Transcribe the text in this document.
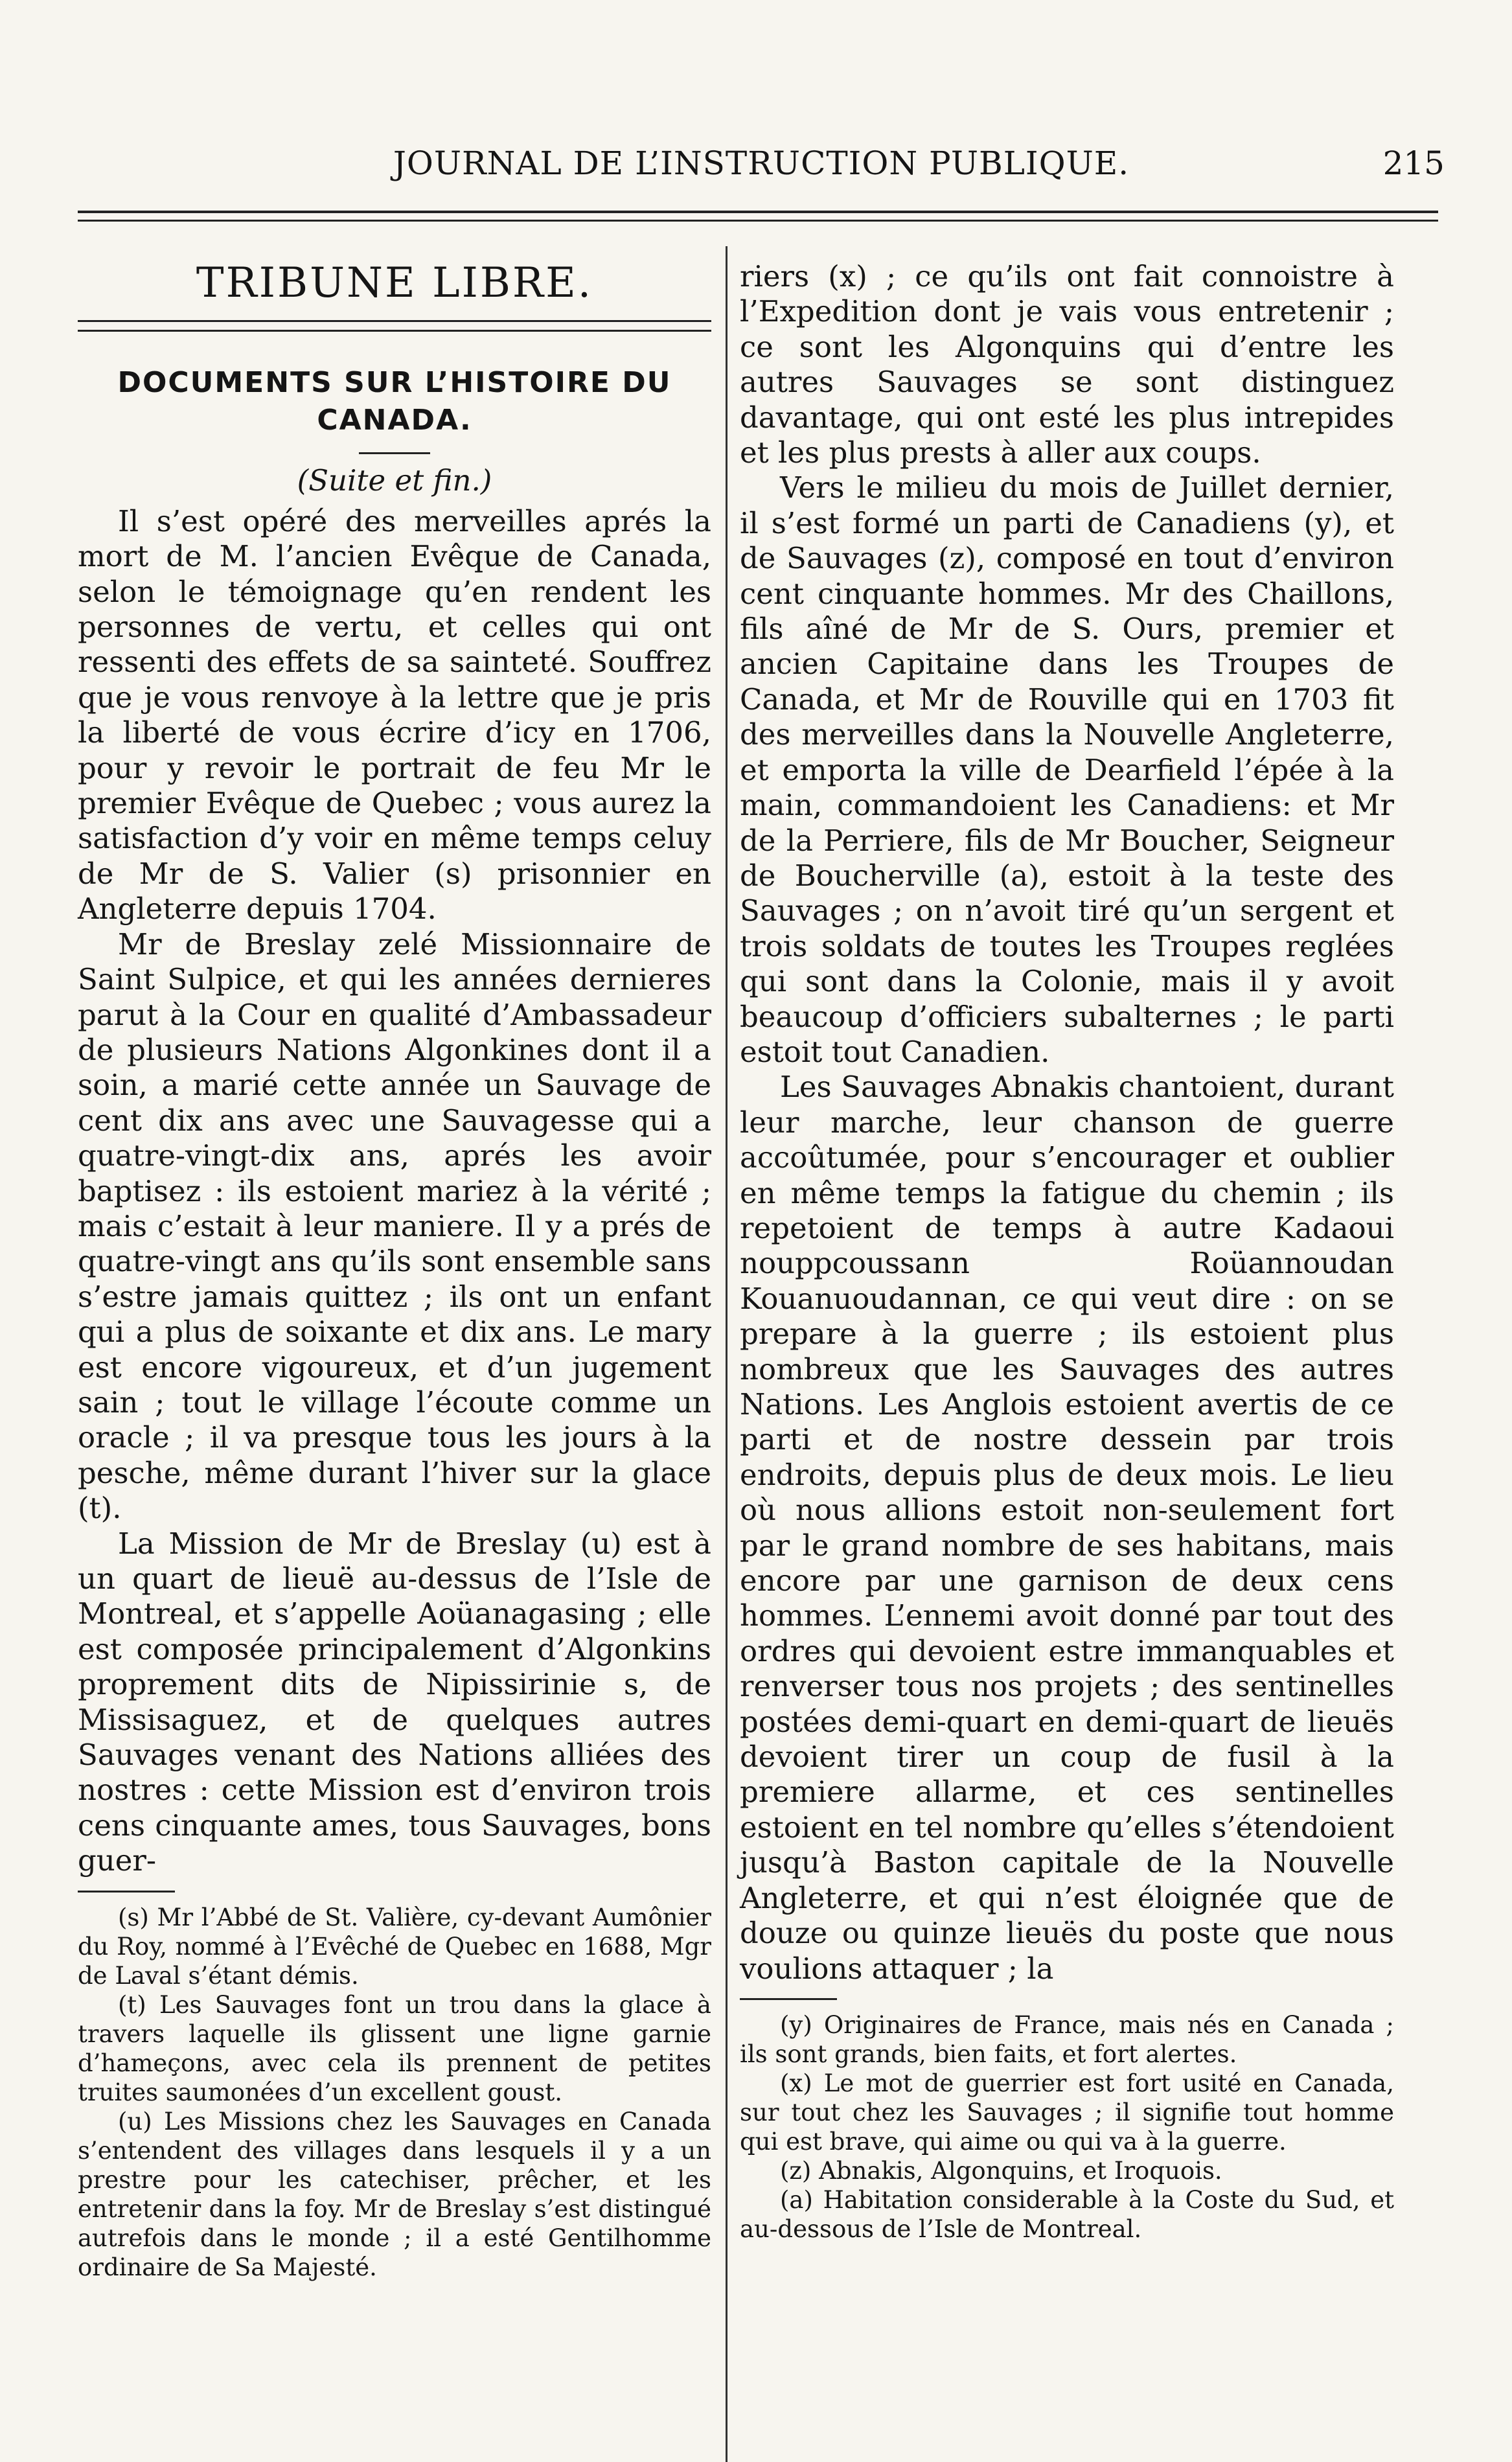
JOURNAL DE L’INSTRUCTION PUBLIQUE.	215
TRIBUNE LIBRE.
DOCUMENTS SUR L’HISTOIRE DU CANADA.
(Suite et fin.)

Il s’est opéré des merveilles aprés la mort de M. l’ancien Evêque de Canada, selon le témoignage qu’en rendent les personnes de vertu, et celles qui ont ressenti des effets de sa sainteté. Souffrez que je vous renvoye à la lettre que je pris la liberté de vous écrire d’icy en 1706, pour y revoir le portrait de feu Mr le premier Evêque de Quebec ; vous aurez la satisfaction d’y voir en même temps celuy de Mr de S. Valier (s) prisonnier en Angleterre depuis 1704.

Mr de Breslay zelé Missionnaire de Saint Sulpice, et qui les années dernieres parut à la Cour en qualité d’Ambassadeur de plusieurs Nations Algonkines dont il a soin, a marié cette année un Sauvage de cent dix ans avec une Sauvagesse qui a quatre-vingt-dix ans, aprés les avoir baptisez : ils estoient mariez à la vérité ; mais c’estait à leur maniere. Il y a prés de quatre-vingt ans qu’ils sont ensemble sans s’estre jamais quittez ; ils ont un enfant qui a plus de soixante et dix ans. Le mary est encore vigoureux, et d’un jugement sain ; tout le village l’écoute comme un oracle ; il va presque tous les jours à la pesche, même durant l’hiver sur la glace (t).

La Mission de Mr de Breslay (u) est à un quart de lieuë au-dessus de l’Isle de Montreal, et s’appelle Aoüanagasing ; elle est composée principalement d’Algonkins proprement dits de Nipissirinie s, de Missisaguez, et de quelques autres Sauvages venant des Nations alliées des nostres : cette Mission est d’environ trois cens cinquante ames, tous Sauvages, bons guer-

(s) Mr l’Abbé de St. Valière, cy-devant Aumônier du Roy, nommé à l’Evêché de Quebec en 1688, Mgr de Laval s’étant démis.

(t) Les Sauvages font un trou dans la glace à travers laquelle ils glissent une ligne garnie d’hameçons, avec cela ils prennent de petites truites saumonées d’un excellent goust.

(u) Les Missions chez les Sauvages en Canada s’entendent des villages dans lesquels il y a un prestre pour les catechiser, prêcher, et les entretenir dans la foy. Mr de Breslay s’est distingué autrefois dans le monde ; il a esté Gentilhomme ordinaire de Sa Majesté.

riers (x) ; ce qu’ils ont fait connoistre à l’Expedition dont je vais vous entretenir ; ce sont les Algonquins qui d’entre les autres Sauvages se sont distinguez davantage, qui ont esté les plus intrepides et les plus prests à aller aux coups.

Vers le milieu du mois de Juillet dernier, il s’est formé un parti de Canadiens (y), et de Sauvages (z), composé en tout d’environ cent cinquante hommes. Mr des Chaillons, fils aîné de Mr de S. Ours, premier et ancien Capitaine dans les Troupes de Canada, et Mr de Rouville qui en 1703 fit des merveilles dans la Nouvelle Angleterre, et emporta la ville de Dearfield l’épée à la main, commandoient les Canadiens: et Mr de la Perriere, fils de Mr Boucher, Seigneur de Boucherville (a), estoit à la teste des Sauvages ; on n’avoit tiré qu’un sergent et trois soldats de toutes les Troupes reglées qui sont dans la Colonie, mais il y avoit beaucoup d’officiers subalternes ; le parti estoit tout Canadien.

Les Sauvages Abnakis chantoient, durant leur marche, leur chanson de guerre accoûtumée, pour s’encourager et oublier en même temps la fatigue du chemin ; ils repetoient de temps à autre Kadaoui nouppcoussann Roüannoudan Kouanuoudannan, ce qui veut dire : on se prepare à la guerre ; ils estoient plus nombreux que les Sauvages des autres Nations. Les Anglois estoient avertis de ce parti et de nostre dessein par trois endroits, depuis plus de deux mois. Le lieu où nous allions estoit non-seulement fort par le grand nombre de ses habitans, mais encore par une garnison de deux cens hommes. L’ennemi avoit donné par tout des ordres qui devoient estre immanquables et renverser tous nos projets ; des sentinelles postées demi-quart en demi-quart de lieuës devoient tirer un coup de fusil à la premiere allarme, et ces sentinelles estoient en tel nombre qu’elles s’étendoient jusqu’à Baston capitale de la Nouvelle Angleterre, et qui n’est éloignée que de douze ou quinze lieuës du poste que nous voulions attaquer ; la

(y) Originaires de France, mais nés en Canada ; ils sont grands, bien faits, et fort alertes.

(x) Le mot de guerrier est fort usité en Canada, sur tout chez les Sauvages ; il signifie tout homme qui est brave, qui aime ou qui va à la guerre.

(z) Abnakis, Algonquins, et Iroquois.

(a) Habitation considerable à la Coste du Sud, et au-dessous de l’Isle de Montreal.
